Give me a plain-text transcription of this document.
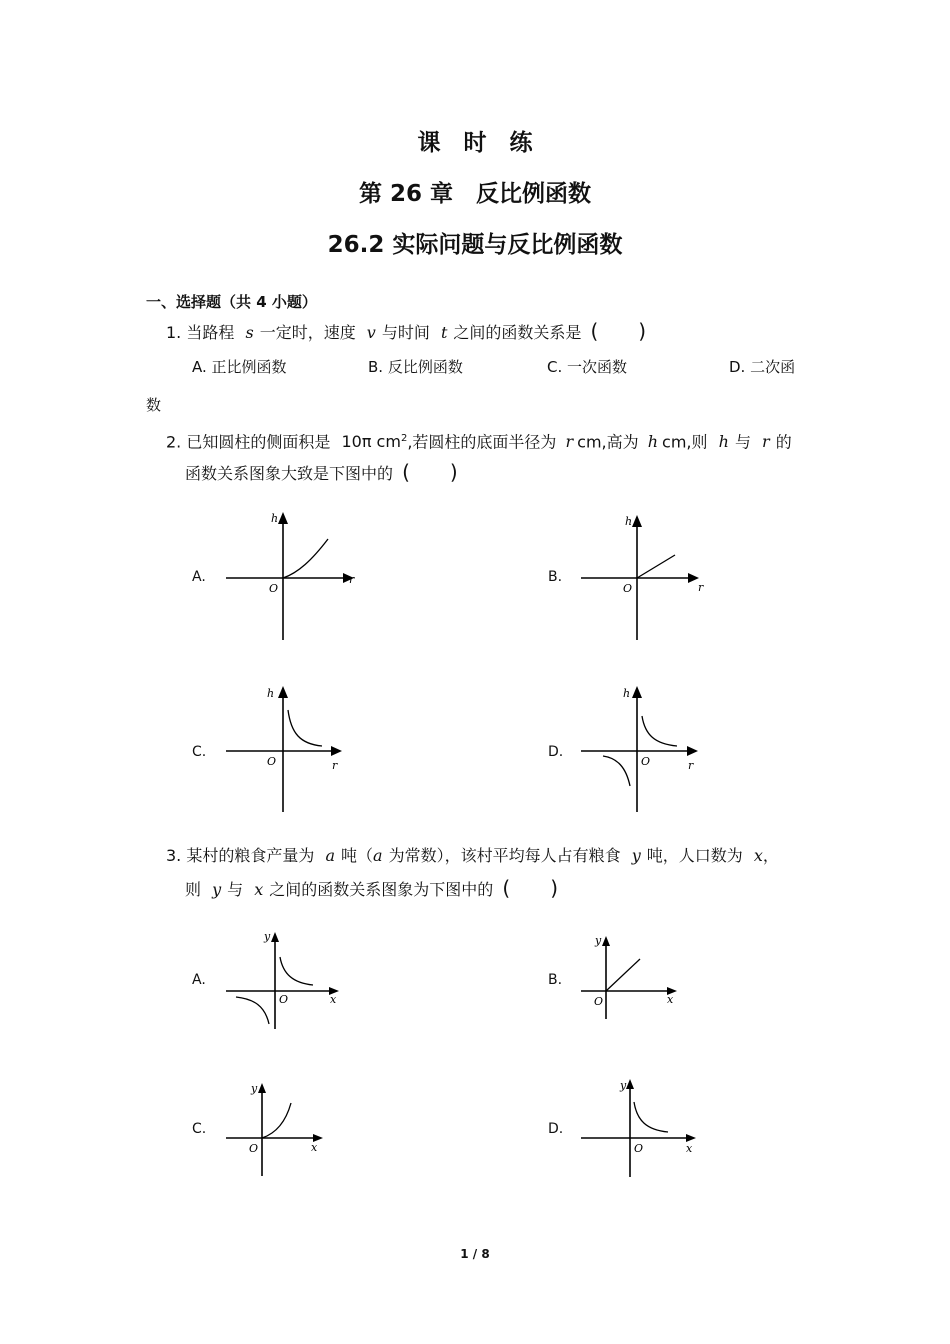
课　时　练
第 26 章　反比例函数
26.2 实际问题与反比例函数
一、选择题（共 4 小题）
1. 当路程 s 一定时，速度 v 与时间 t 之间的函数关系是 (　　)
A. 正比例函数	B. 反比例函数	C. 一次函数	D. 二次函
数
2. 已知圆柱的侧面积是 10π $cm^2$,若圆柱的底面半径为 r cm,高为 h cm,则 h 与 r 的
函数关系图象大致是下图中的 (　　)
A.
h
r
O
B.
h
r
O
C.
h
r
O
D.
h
r
O
3. 某村的粮食产量为 a 吨（a 为常数），该村平均每人占有粮食 y 吨，人口数为 x，
则 y 与 x 之间的函数关系图象为下图中的 (　　)
A.
y
x
O
B.
y
x
O
C.
y
x
O
D.
y
x
O
1 / 8
